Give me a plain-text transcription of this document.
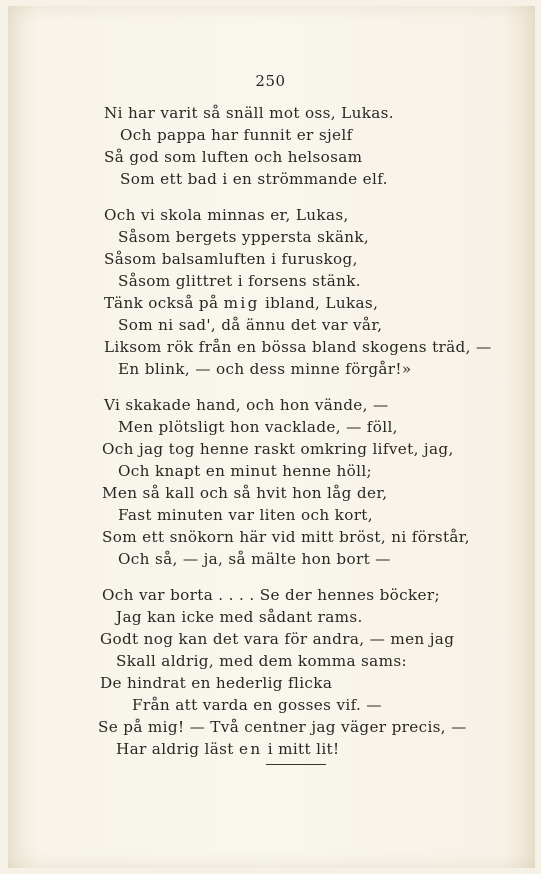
250
Ni har varit så snäll mot oss, Lukas.
Och pappa har funnit er sjelf
Så god som luften och helsosam
Som ett bad i en strömmande elf.
Och vi skola minnas er, Lukas,
Såsom bergets yppersta skänk,
Såsom balsamluften i furuskog,
Såsom glittret i forsens stänk.
Tänk också på mig ibland, Lukas,
Som ni sad', då ännu det var vår,
Liksom rök från en bössa bland skogens träd, —
En blink, — och dess minne förgår!»
Vi skakade hand, och hon vände, —
Men plötsligt hon vacklade, — föll,
Och jag tog henne raskt omkring lifvet, jag,
Och knapt en minut henne höll;
Men så kall och så hvit hon låg der,
Fast minuten var liten och kort,
Som ett snökorn här vid mitt bröst, ni förstår,
Och så, — ja, så mälte hon bort —
Och var borta . . . . Se der hennes böcker;
Jag kan icke med sådant rams.
Godt nog kan det vara för andra, — men jag
Skall aldrig, med dem komma sams:
De hindrat en hederlig flicka
Från att varda en gosses vif. —
Se på mig! — Två centner jag väger precis, —
Har aldrig läst en i mitt lit!
